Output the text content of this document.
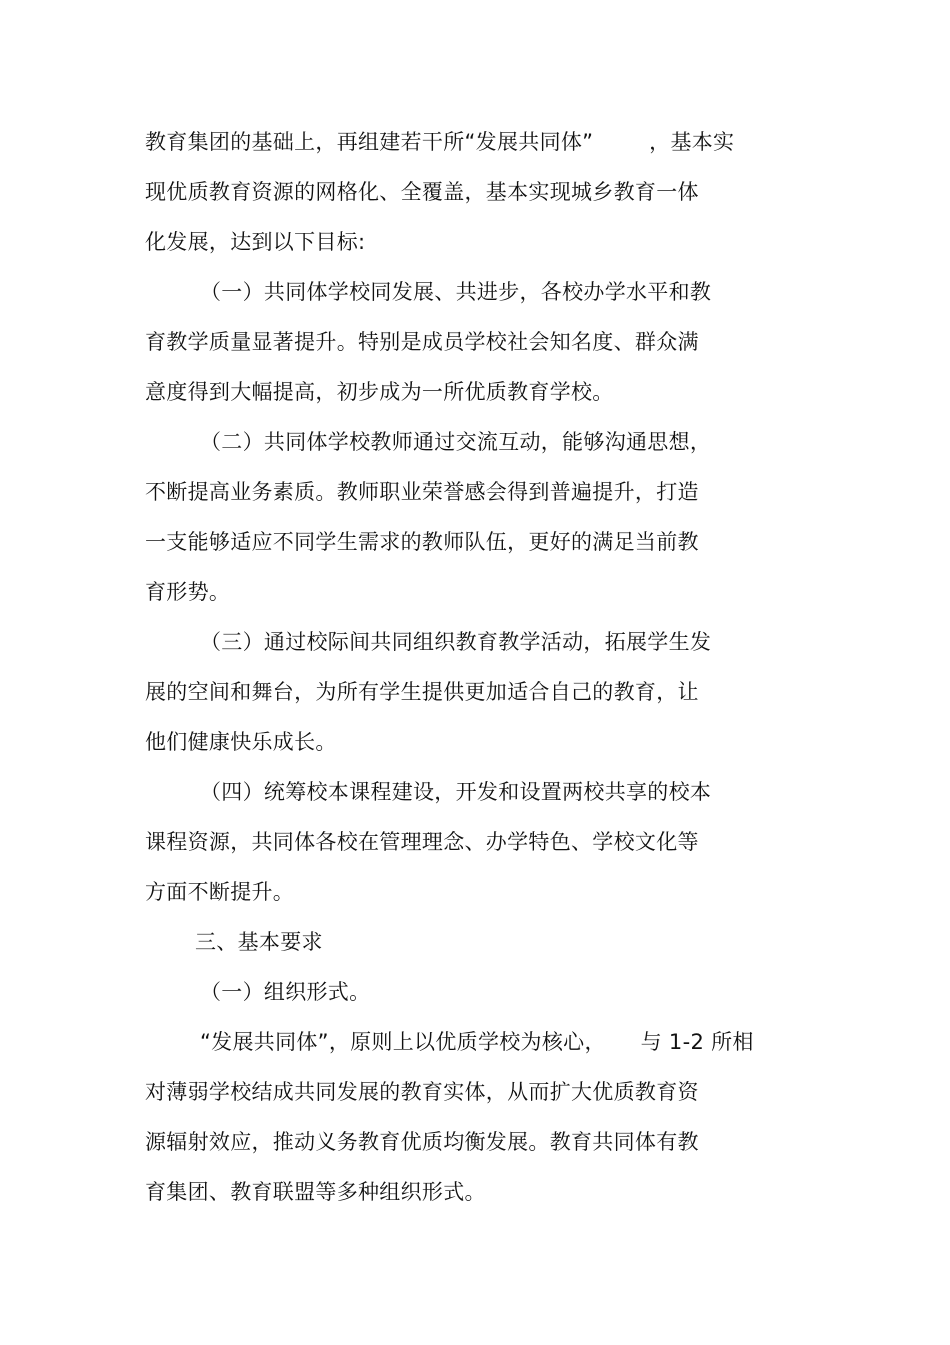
教育集团的基础上，再组建若干所“发展共同体”        ，基本实
现优质教育资源的网格化、全覆盖，基本实现城乡教育一体
化发展，达到以下目标:
（一）共同体学校同发展、共进步，各校办学水平和教
育教学质量显著提升。特别是成员学校社会知名度、群众满
意度得到大幅提高，初步成为一所优质教育学校。
（二）共同体学校教师通过交流互动，能够沟通思想，
不断提高业务素质。教师职业荣誉感会得到普遍提升，打造
一支能够适应不同学生需求的教师队伍，更好的满足当前教
育形势。
（三）通过校际间共同组织教育教学活动，拓展学生发
展的空间和舞台，为所有学生提供更加适合自己的教育，让
他们健康快乐成长。
（四）统筹校本课程建设，开发和设置两校共享的校本
课程资源，共同体各校在管理理念、办学特色、学校文化等
方面不断提升。
三、基本要求
（一）组织形式。
“发展共同体”，原则上以优质学校为核心，     与 1-2 所相
对薄弱学校结成共同发展的教育实体，从而扩大优质教育资
源辐射效应，推动义务教育优质均衡发展。教育共同体有教
育集团、教育联盟等多种组织形式。
